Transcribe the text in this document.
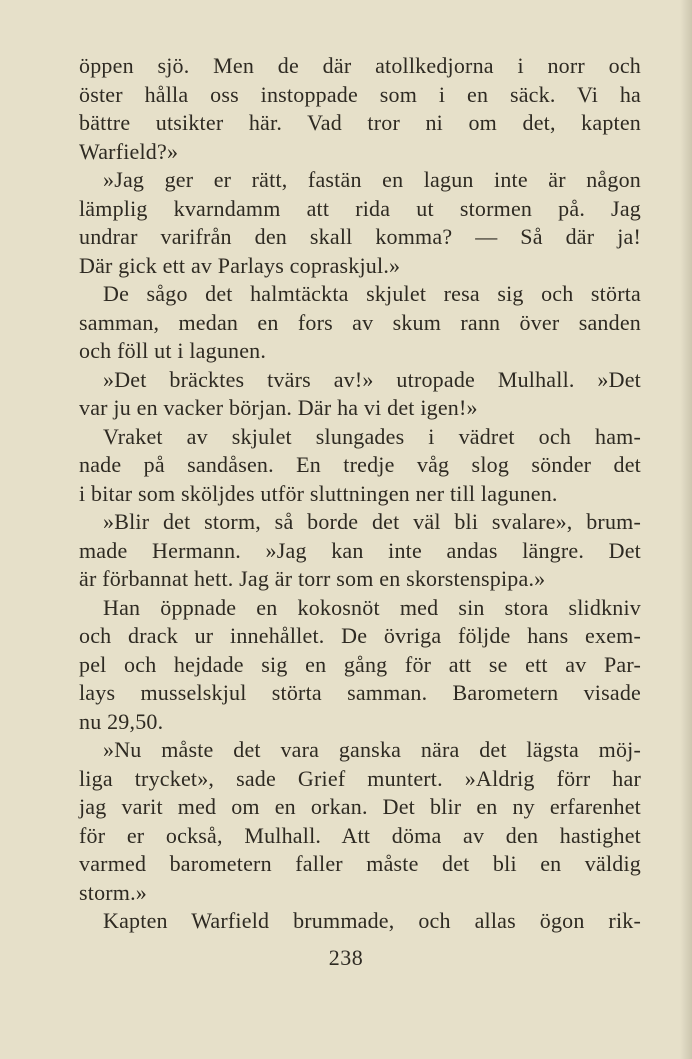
öppen sjö. Men de där atollkedjorna i norr och
öster hålla oss instoppade som i en säck. Vi ha
bättre utsikter här. Vad tror ni om det, kapten
Warfield?»
»Jag ger er rätt, fastän en lagun inte är någon
lämplig kvarndamm att rida ut stormen på. Jag
undrar varifrån den skall komma? — Så där ja!
Där gick ett av Parlays copraskjul.»
De sågo det halmtäckta skjulet resa sig och störta
samman, medan en fors av skum rann över sanden
och föll ut i lagunen.
»Det bräcktes tvärs av!» utropade Mulhall. »Det
var ju en vacker början. Där ha vi det igen!»
Vraket av skjulet slungades i vädret och ham-
nade på sandåsen. En tredje våg slog sönder det
i bitar som sköljdes utför sluttningen ner till lagunen.
»Blir det storm, så borde det väl bli svalare», brum-
made Hermann. »Jag kan inte andas längre. Det
är förbannat hett. Jag är torr som en skorstenspipa.»
Han öppnade en kokosnöt med sin stora slidkniv
och drack ur innehållet. De övriga följde hans exem-
pel och hejdade sig en gång för att se ett av Par-
lays musselskjul störta samman. Barometern visade
nu 29,50.
»Nu måste det vara ganska nära det lägsta möj-
liga trycket», sade Grief muntert. »Aldrig förr har
jag varit med om en orkan. Det blir en ny erfarenhet
för er också, Mulhall. Att döma av den hastighet
varmed barometern faller måste det bli en väldig
storm.»
Kapten Warfield brummade, och allas ögon rik-
238
